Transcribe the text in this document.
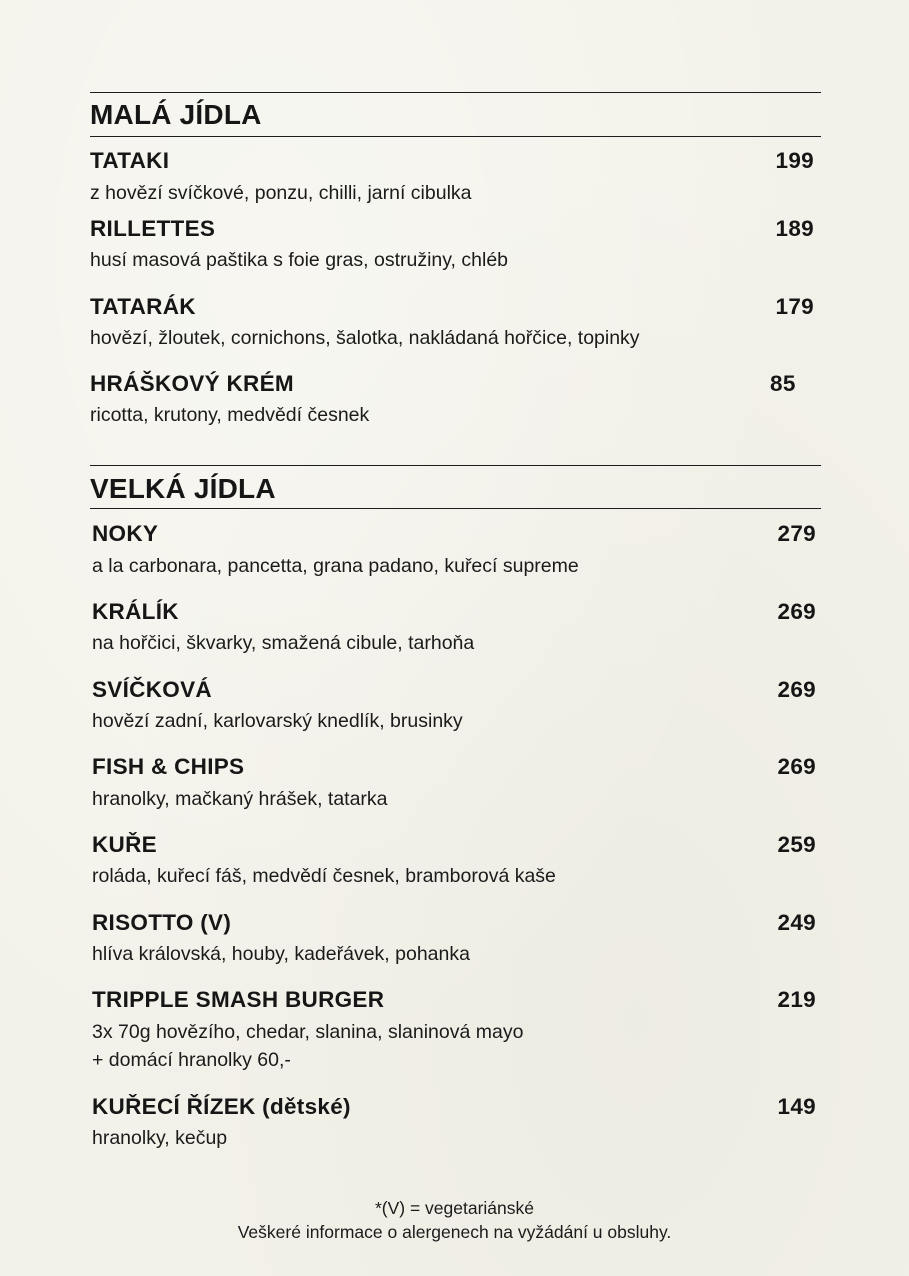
MALÁ JÍDLA
TATAKI	199
z hovězí svíčkové, ponzu, chilli, jarní cibulka
RILLETTES	189
husí masová paštika s foie gras, ostružiny, chléb
TATARÁK	179
hovězí, žloutek, cornichons, šalotka, nakládaná hořčice, topinky
HRÁŠKOVÝ KRÉM	85
ricotta, krutony, medvědí česnek
VELKÁ JÍDLA
NOKY	279
a la carbonara, pancetta, grana padano, kuřecí supreme
KRÁLÍK	269
na hořčici, škvarky, smažená cibule, tarhoňa
SVÍČKOVÁ	269
hovězí zadní, karlovarský knedlík, brusinky
FISH & CHIPS	269
hranolky, mačkaný hrášek, tatarka
KUŘE	259
roláda, kuřecí fáš, medvědí česnek, bramborová kaše
RISOTTO (V)	249
hlíva královská, houby, kadeřávek, pohanka
TRIPPLE SMASH BURGER	219
3x 70g hovězího, chedar, slanina, slaninová mayo
+ domácí hranolky 60,-
KUŘECÍ ŘÍZEK (dětské)	149
hranolky, kečup
*(V) = vegetariánské
Veškeré informace o alergenech na vyžádání u obsluhy.
